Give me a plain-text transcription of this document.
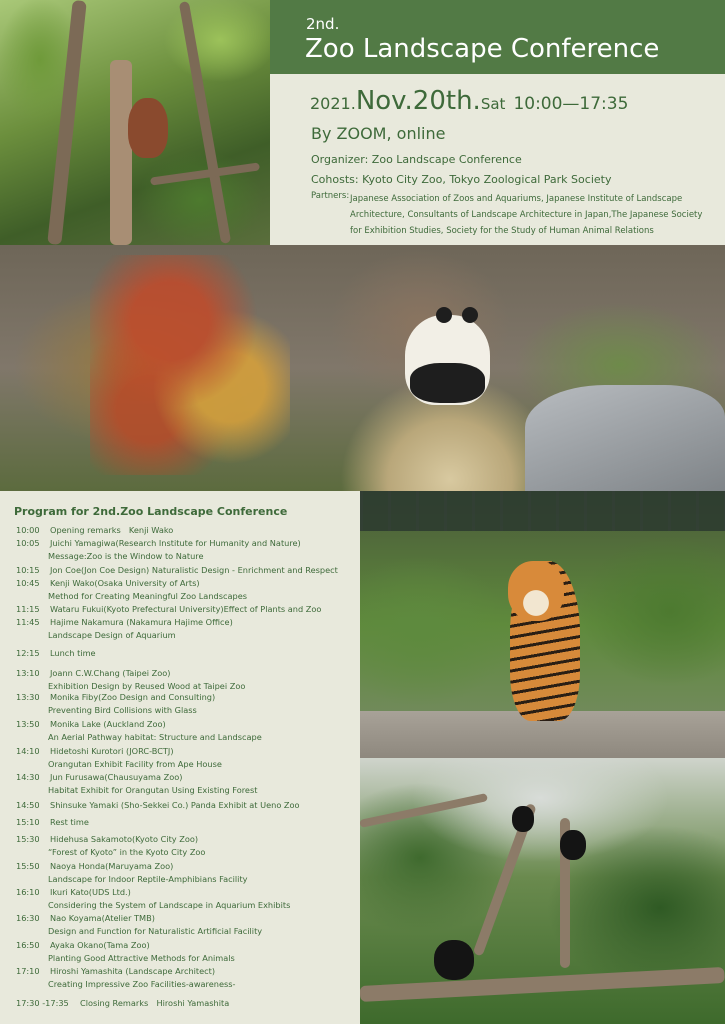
2nd.
Zoo Landscape Conference
2021.Nov.20th.Sat 10:00—17:35
By ZOOM, online
Organizer: Zoo Landscape Conference
Cohosts: Kyoto City Zoo, Tokyo Zoological Park Society
Partners: Japanese Association of Zoos and Aquariums, Japanese Institute of Landscape Architecture, Consultants of Landscape Architecture in Japan,The Japanese Society for Exhibition Studies, Society for the Study of Human Animal Relations
Program for 2nd.Zoo Landscape Conference
10:00 Opening remarks　Kenji Wako
10:05 Juichi Yamagiwa(Research Institute for Humanity and Nature)
Message:Zoo is the Window to Nature
10:15 Jon Coe(Jon Coe Design) Naturalistic Design - Enrichment and Respect
10:45 Kenji Wako(Osaka University of Arts)
Method for Creating Meaningful Zoo Landscapes
11:15 Wataru Fukui(Kyoto Prefectural University)Effect of Plants and Zoo
11:45 Hajime Nakamura (Nakamura Hajime Office)
Landscape Design of Aquarium
12:15 Lunch time
13:10 Joann C.W.Chang (Taipei Zoo)
Exhibition Design by Reused Wood at Taipei Zoo
13:30 Monika Fiby(Zoo Design and Consulting)
Preventing Bird Collisions with Glass
13:50 Monika Lake (Auckland Zoo)
An Aerial Pathway habitat: Structure and Landscape
14:10 Hidetoshi Kurotori (JORC-BCTJ)
Orangutan Exhibit Facility from Ape House
14:30 Jun Furusawa(Chausuyama Zoo)
Habitat Exhibit for Orangutan Using Existing Forest
14:50 Shinsuke Yamaki (Sho-Sekkei Co.) Panda Exhibit at Ueno Zoo
15:10 Rest time
15:30 Hidehusa Sakamoto(Kyoto City Zoo)
“Forest of Kyoto” in the Kyoto City Zoo
15:50 Naoya Honda(Maruyama Zoo)
Landscape for Indoor Reptile-Amphibians Facility
16:10 Ikuri Kato(UDS Ltd.)
Considering the System of Landscape in Aquarium Exhibits
16:30 Nao Koyama(Atelier TMB)
Design and Function for Naturalistic Artificial Facility
16:50 Ayaka Okano(Tama Zoo)
Planting Good Attractive Methods for Animals
17:10 Hiroshi Yamashita (Landscape Architect)
Creating Impressive Zoo Facilities-awareness-
17:30 -17:35 Closing Remarks　Hiroshi Yamashita
